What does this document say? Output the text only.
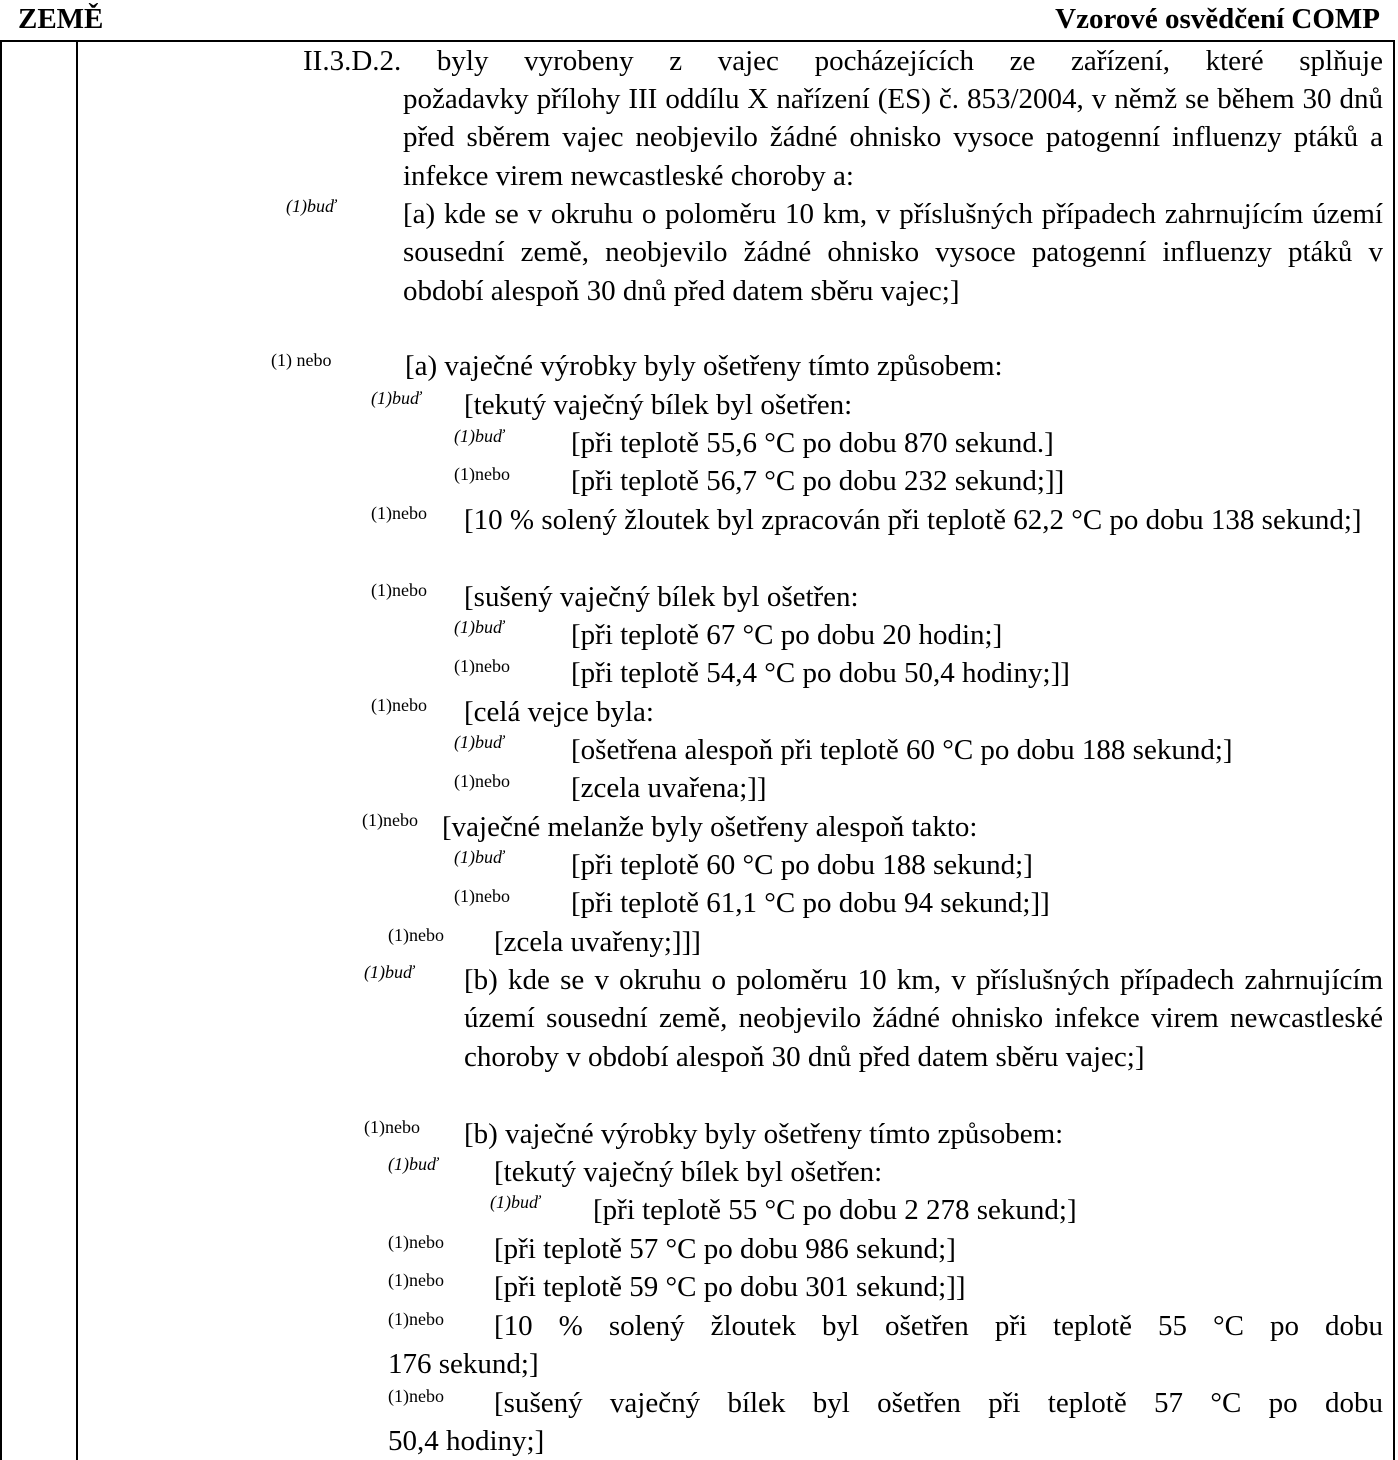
ZEMĚ	Vzorové osvědčení COMP
II.3.D.2. byly vyrobeny z vajec pocházejících ze zařízení, které splňuje
požadavky přílohy III oddílu X nařízení (ES) č. 853/2004, v němž se během 30 dnů před sběrem vajec neobjevilo žádné ohnisko vysoce patogenní influenzy ptáků a infekce virem newcastleské choroby a:
(1)buď [a) kde se v okruhu o poloměru 10 km, v příslušných případech zahrnujícím území sousední země, neobjevilo žádné ohnisko vysoce patogenní influenzy ptáků v období alespoň 30 dnů před datem sběru vajec;]
(1) nebo	[a) vaječné výrobky byly ošetřeny tímto způsobem:
(1)buď [tekutý vaječný bílek byl ošetřen:
(1)buď [při teplotě 55,6 °C po dobu 870 sekund.]
(1)nebo [při teplotě 56,7 °C po dobu 232 sekund;]]
(1)nebo [10 % solený žloutek byl zpracován při teplotě 62,2 °C po dobu 138 sekund;]
(1)nebo [sušený vaječný bílek byl ošetřen:
(1)buď [při teplotě 67 °C po dobu 20 hodin;]
(1)nebo [při teplotě 54,4 °C po dobu 50,4 hodiny;]]
(1)nebo [celá vejce byla:
(1)buď [ošetřena alespoň při teplotě 60 °C po dobu 188 sekund;]
(1)nebo [zcela uvařena;]]
(1)nebo [vaječné melanže byly ošetřeny alespoň takto:
(1)buď [při teplotě 60 °C po dobu 188 sekund;]
(1)nebo [při teplotě 61,1 °C po dobu 94 sekund;]]
(1)nebo [zcela uvařeny;]]]
(1)buď [b) kde se v okruhu o poloměru 10 km, v příslušných případech zahrnujícím území sousední země, neobjevilo žádné ohnisko infekce virem newcastleské choroby v období alespoň 30 dnů před datem sběru vajec;]
(1)nebo [b) vaječné výrobky byly ošetřeny tímto způsobem:
(1)buď [tekutý vaječný bílek byl ošetřen:
(1)buď [při teplotě 55 °C po dobu 2 278 sekund;]
(1)nebo [při teplotě 57 °C po dobu 986 sekund;]
(1)nebo [při teplotě 59 °C po dobu 301 sekund;]]
(1)nebo [10 % solený žloutek byl ošetřen při teplotě 55 °C po dobu
176 sekund;]
(1)nebo [sušený vaječný bílek byl ošetřen při teplotě 57 °C po dobu
50,4 hodiny;]
